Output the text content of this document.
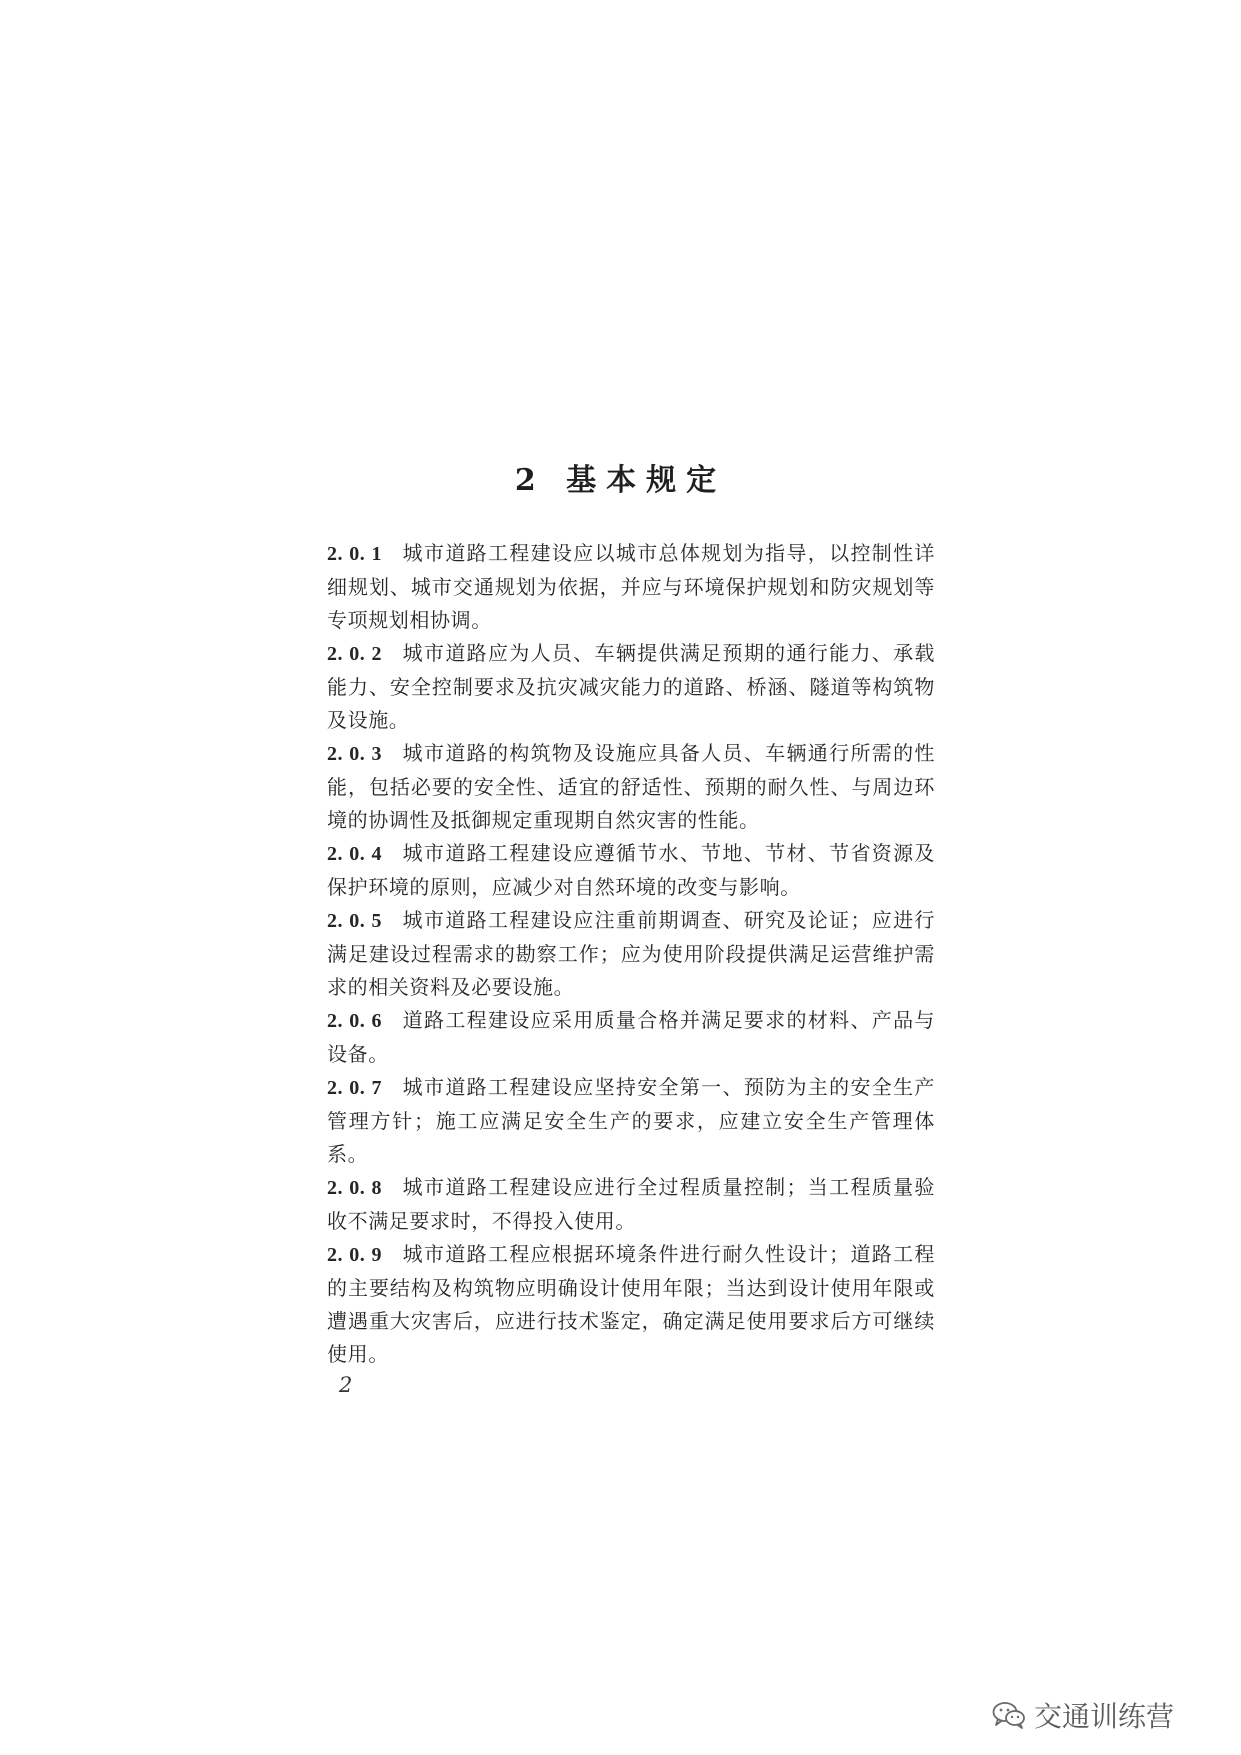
2 基本规定

2. 0. 1 城市道路工程建设应以城市总体规划为指导，以控制性详细规划、城市交通规划为依据，并应与环境保护规划和防灾规划等专项规划相协调。

2. 0. 2 城市道路应为人员、车辆提供满足预期的通行能力、承载能力、安全控制要求及抗灾减灾能力的道路、桥涵、隧道等构筑物及设施。

2. 0. 3 城市道路的构筑物及设施应具备人员、车辆通行所需的性能，包括必要的安全性、适宜的舒适性、预期的耐久性、与周边环境的协调性及抵御规定重现期自然灾害的性能。

2. 0. 4 城市道路工程建设应遵循节水、节地、节材、节省资源及保护环境的原则，应减少对自然环境的改变与影响。

2. 0. 5 城市道路工程建设应注重前期调查、研究及论证；应进行满足建设过程需求的勘察工作；应为使用阶段提供满足运营维护需求的相关资料及必要设施。

2. 0. 6 道路工程建设应采用质量合格并满足要求的材料、产品与设备。

2. 0. 7 城市道路工程建设应坚持安全第一、预防为主的安全生产管理方针；施工应满足安全生产的要求，应建立安全生产管理体系。

2. 0. 8 城市道路工程建设应进行全过程质量控制；当工程质量验收不满足要求时，不得投入使用。

2. 0. 9 城市道路工程应根据环境条件进行耐久性设计；道路工程的主要结构及构筑物应明确设计使用年限；当达到设计使用年限或遭遇重大灾害后，应进行技术鉴定，确定满足使用要求后方可继续使用。

2
交通训练营
